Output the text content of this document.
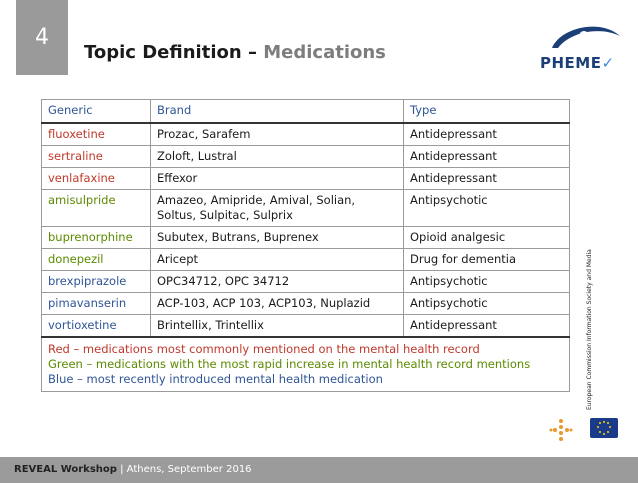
4
Topic Definition – Medications	PHEME✓
Generic	Brand	Type
fluoxetine	Prozac, Sarafem	Antidepressant
sertraline	Zoloft, Lustral	Antidepressant
venlafaxine	Effexor	Antidepressant
amisulpride	Amazeo, Amipride, Amival, Solian, Soltus, Sulpitac, Sulprix	Antipsychotic
buprenorphine	Subutex, Butrans, Buprenex	Opioid analgesic
donepezil	Aricept	Drug for dementia
brexpiprazole	OPC34712, OPC 34712	Antipsychotic
pimavanserin	ACP-103, ACP 103, ACP103, Nuplazid	Antipsychotic
vortioxetine	Brintellix, Trintellix	Antidepressant

Red – medications most commonly mentioned on the mental health record
Green – medications with the most rapid increase in mental health record mentions
Blue – most recently introduced mental health medication			European Commission Information Society and Media
REVEAL Workshop | Athens, September 2016
